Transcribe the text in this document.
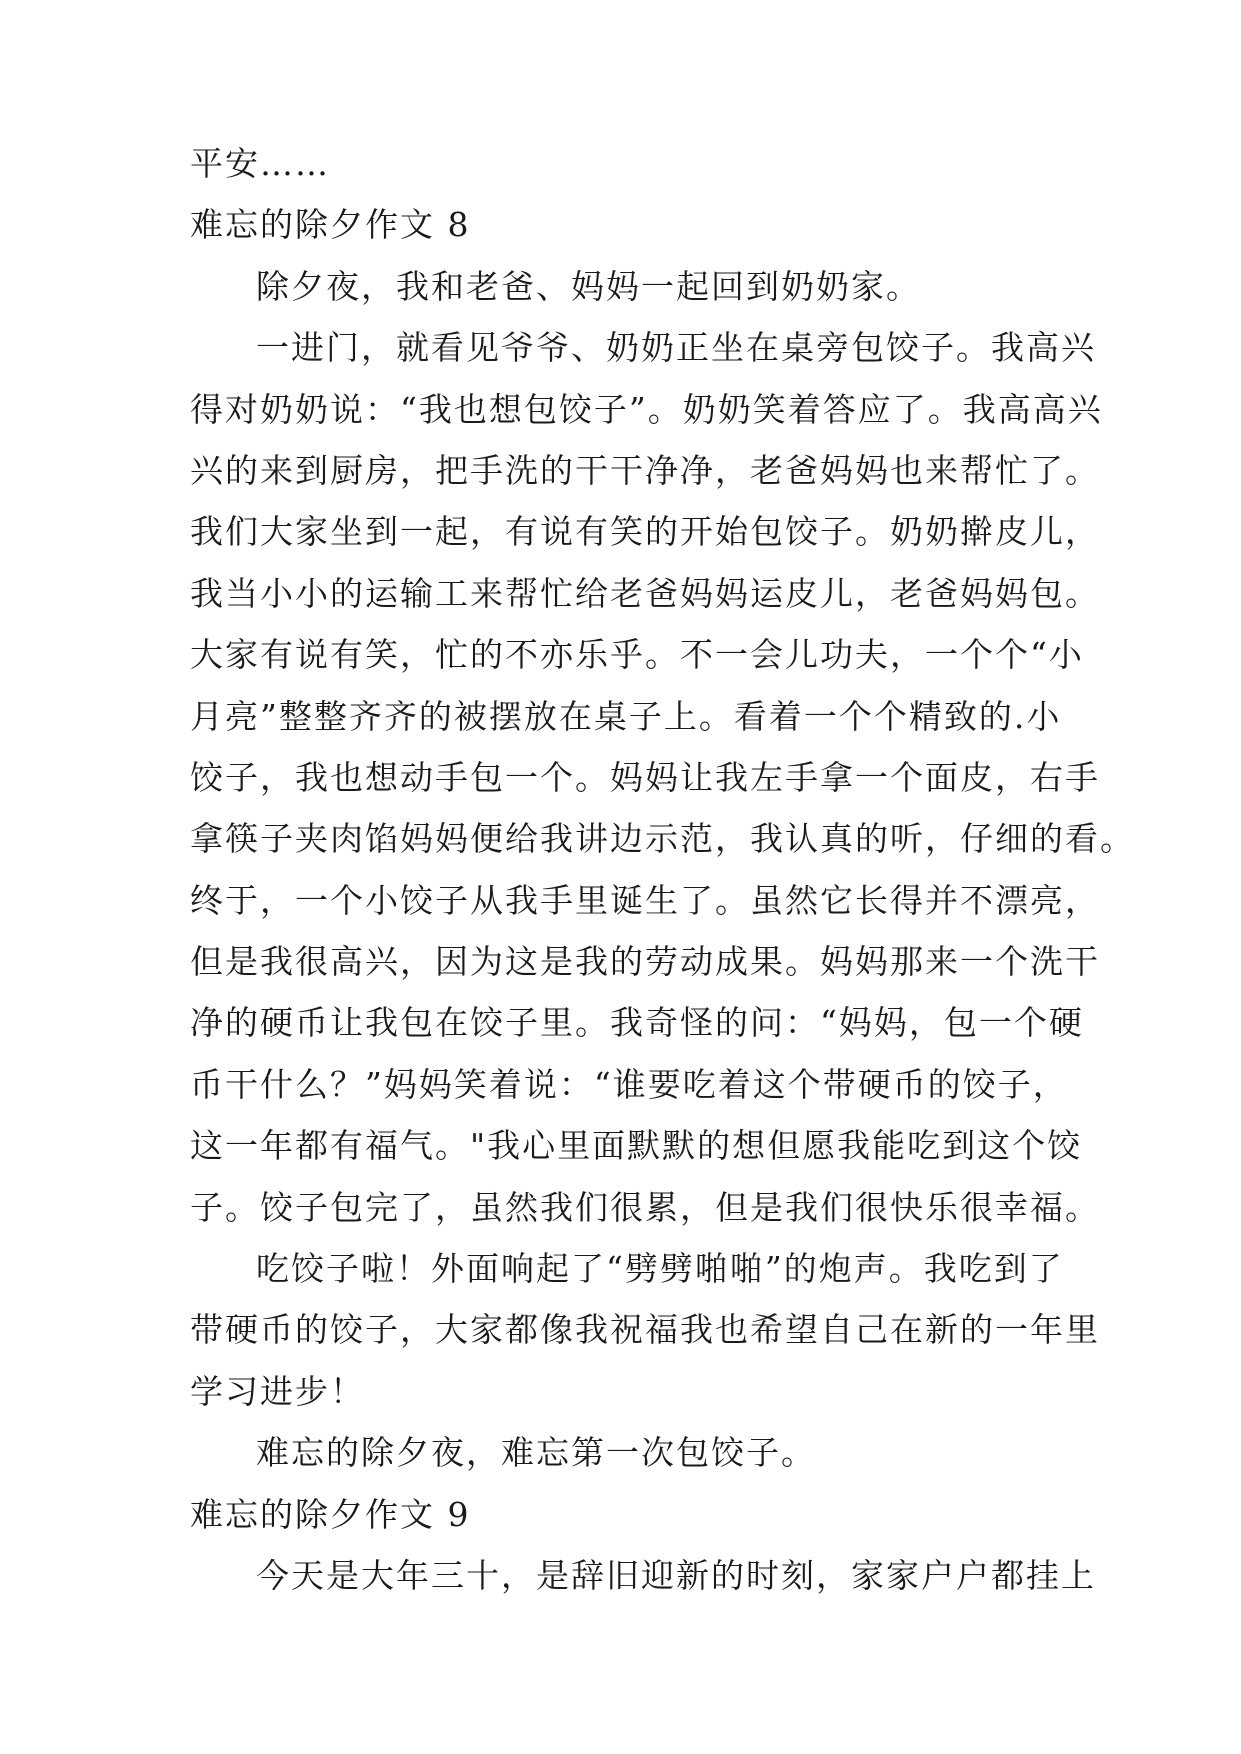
平安……
难忘的除夕作文 8
除夕夜，我和老爸、妈妈一起回到奶奶家。
一进门，就看见爷爷、奶奶正坐在桌旁包饺子。我高兴
得对奶奶说：“我也想包饺子”。奶奶笑着答应了。我高高兴
兴的来到厨房，把手洗的干干净净，老爸妈妈也来帮忙了。
我们大家坐到一起，有说有笑的开始包饺子。奶奶擀皮儿，
我当小小的运输工来帮忙给老爸妈妈运皮儿，老爸妈妈包。
大家有说有笑，忙的不亦乐乎。不一会儿功夫，一个个“小
月亮”整整齐齐的被摆放在桌子上。看着一个个精致的.小
饺子，我也想动手包一个。妈妈让我左手拿一个面皮，右手
拿筷子夹肉馅妈妈便给我讲边示范，我认真的听，仔细的看。
终于，一个小饺子从我手里诞生了。虽然它长得并不漂亮，
但是我很高兴，因为这是我的劳动成果。妈妈那来一个洗干
净的硬币让我包在饺子里。我奇怪的问：“妈妈，包一个硬
币干什么？”妈妈笑着说：“谁要吃着这个带硬币的饺子，
这一年都有福气。"我心里面默默的想但愿我能吃到这个饺
子。饺子包完了，虽然我们很累，但是我们很快乐很幸福。
吃饺子啦！外面响起了“劈劈啪啪”的炮声。我吃到了
带硬币的饺子，大家都像我祝福我也希望自己在新的一年里
学习进步！
难忘的除夕夜，难忘第一次包饺子。
难忘的除夕作文 9
今天是大年三十，是辞旧迎新的时刻，家家户户都挂上
